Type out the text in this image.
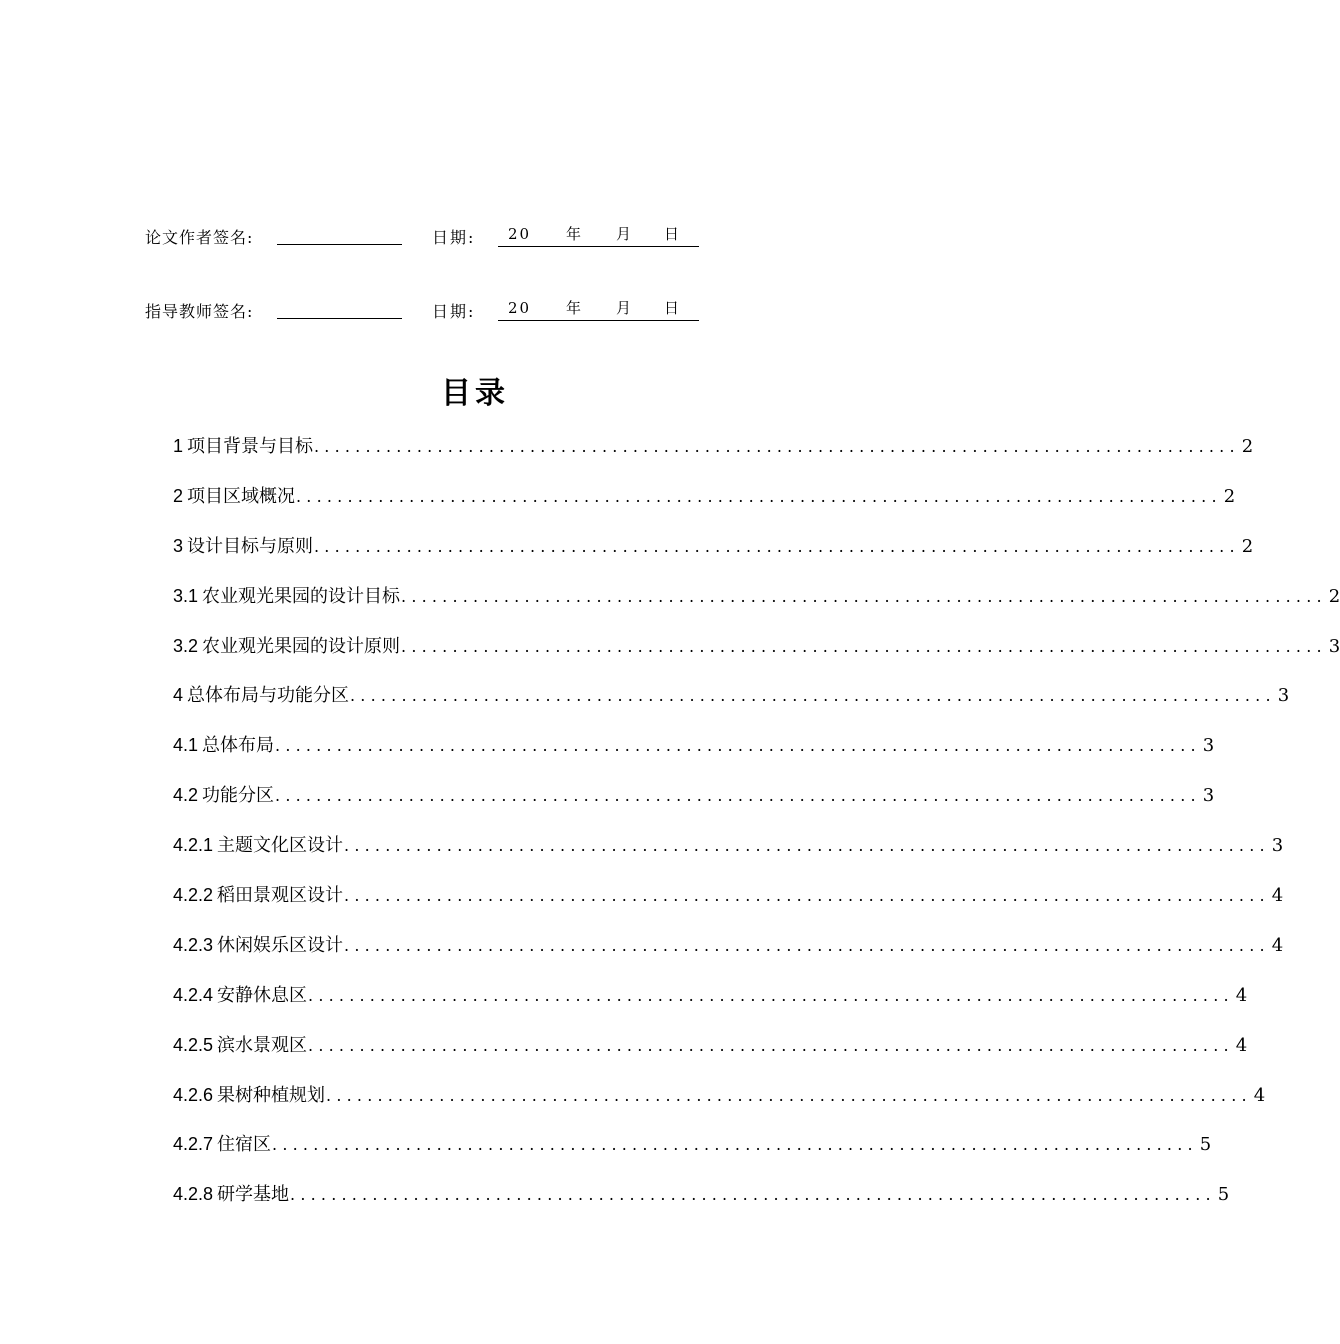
论文作者签名:	日期: 20 年 月 日
指导教师签名:	日期: 20 年 月 日
目录
1 项目背景与目标 .......................................................................................... 2
2 项目区域概况 .......................................................................................... 2
3 设计目标与原则 .......................................................................................... 2
3.1 农业观光果园的设计目标 .......................................................................................... 2
3.2 农业观光果园的设计原则 .......................................................................................... 3
4 总体布局与功能分区 .......................................................................................... 3
4.1 总体布局 .......................................................................................... 3
4.2 功能分区 .......................................................................................... 3
4.2.1 主题文化区设计 .......................................................................................... 3
4.2.2 稻田景观区设计 .......................................................................................... 4
4.2.3 休闲娱乐区设计 .......................................................................................... 4
4.2.4 安静休息区 .......................................................................................... 4
4.2.5 滨水景观区 .......................................................................................... 4
4.2.6 果树种植规划 .......................................................................................... 4
4.2.7 住宿区 .......................................................................................... 5
4.2.8 研学基地 .......................................................................................... 5
